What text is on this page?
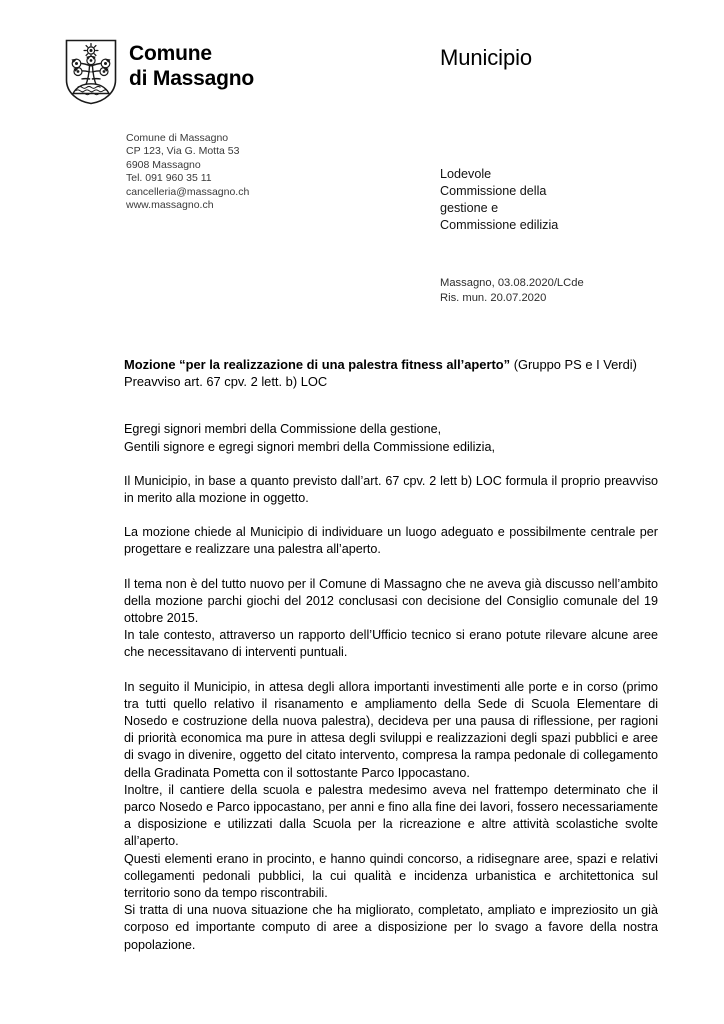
Comune
di Massagno
Municipio
Comune di Massagno
CP 123, Via G. Motta 53
6908 Massagno
Tel. 091 960 35 11
cancelleria@massagno.ch
www.massagno.ch
Lodevole
Commissione della
gestione e
Commissione edilizia
Massagno, 03.08.2020/LCde
Ris. mun. 20.07.2020
Mozione “per la realizzazione di una palestra fitness all’aperto” (Gruppo PS e I Verdi)
Preavviso art. 67 cpv. 2 lett. b) LOC
Egregi signori membri della Commissione della gestione,
Gentili signore e egregi signori membri della Commissione edilizia,

Il Municipio, in base a quanto previsto dall’art. 67 cpv. 2 lett b) LOC formula il proprio preavviso in merito alla mozione in oggetto.

La mozione chiede al Municipio di individuare un luogo adeguato e possibilmente centrale per progettare e realizzare una palestra all’aperto.

Il tema non è del tutto nuovo per il Comune di Massagno che ne aveva già discusso nell’ambito della mozione parchi giochi del 2012 conclusasi con decisione del Consiglio comunale del 19 ottobre 2015.
In tale contesto, attraverso un rapporto dell’Ufficio tecnico si erano potute rilevare alcune aree che necessitavano di interventi puntuali.

In seguito il Municipio, in attesa degli allora importanti investimenti alle porte e in corso (primo tra tutti quello relativo il risanamento e ampliamento della Sede di Scuola Elementare di Nosedo e costruzione della nuova palestra), decideva per una pausa di riflessione, per ragioni di priorità economica ma pure in attesa degli sviluppi e realizzazioni degli spazi pubblici e aree di svago in divenire, oggetto del citato intervento, compresa la rampa pedonale di collegamento della Gradinata Pometta con il sottostante Parco Ippocastano.
Inoltre, il cantiere della scuola e palestra medesimo aveva nel frattempo determinato che il parco Nosedo e Parco ippocastano, per anni e fino alla fine dei lavori, fossero necessariamente a disposizione e utilizzati dalla Scuola per la ricreazione e altre attività scolastiche svolte all’aperto.
Questi elementi erano in procinto, e hanno quindi concorso, a ridisegnare aree, spazi e relativi collegamenti pedonali pubblici, la cui qualità e incidenza urbanistica e architettonica sul territorio sono da tempo riscontrabili.
Si tratta di una nuova situazione che ha migliorato, completato, ampliato e impreziosito un già corposo ed importante computo di aree a disposizione per lo svago a favore della nostra popolazione.
